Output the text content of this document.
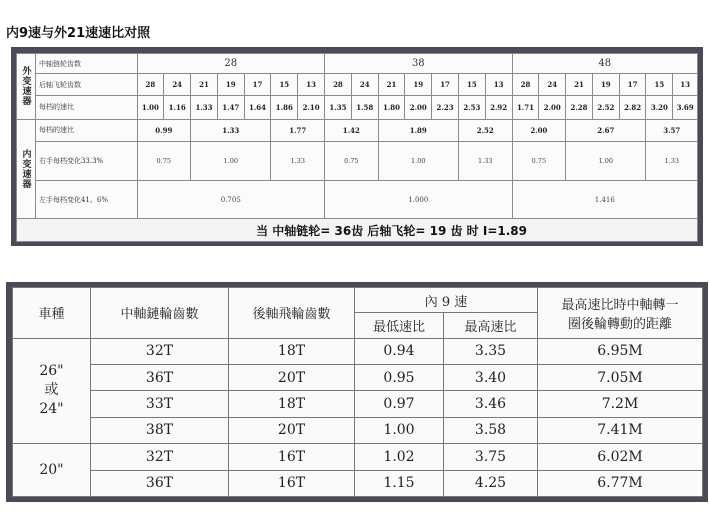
内9速与外21速速比对照
外变速器	中轴链轮齿数	28							38							48						
	后轴飞轮齿数	28	24	21	19	17	15	13	28	24	21	19	17	15	13	28	24	21	19	17	15	13
	每档的速比	1.00	1.16	1.33	1.47	1.64	1.86	2.10	1.35	1.58	1.80	2.00	2.23	2.53	2.92	1.71	2.00	2.28	2.52	2.82	3.20	3.69
内变速器	每档的速比	0.99		1.33			1.77		1.42		1.89			2.52		2.00		2.67			3.57	
	右手每档变化33.3%	0.75		1.00			1.33		0.75		1.00			1.33		0.75		1.00			1.33	
	左手每档变化41。6%	0.705							1.000							1.416						
当 中轴链轮= 36齿 后轴飞轮= 19 齿 时 I=1.89																						
車種	中軸鏈輪齒數	後軸飛輪齒數	內 9 速		最高速比時中軸轉一
圈後輪轉動的距離

			最低速比	最高速比	

26"
或
24"	32T	18T	0.94	3.35	6.95M
	36T	20T	0.95	3.40	7.05M
	33T	18T	0.97	3.46	7.2M
	38T	20T	1.00	3.58	7.41M
20"	32T	16T	1.02	3.75	6.02M
	36T	16T	1.15	4.25	6.77M
